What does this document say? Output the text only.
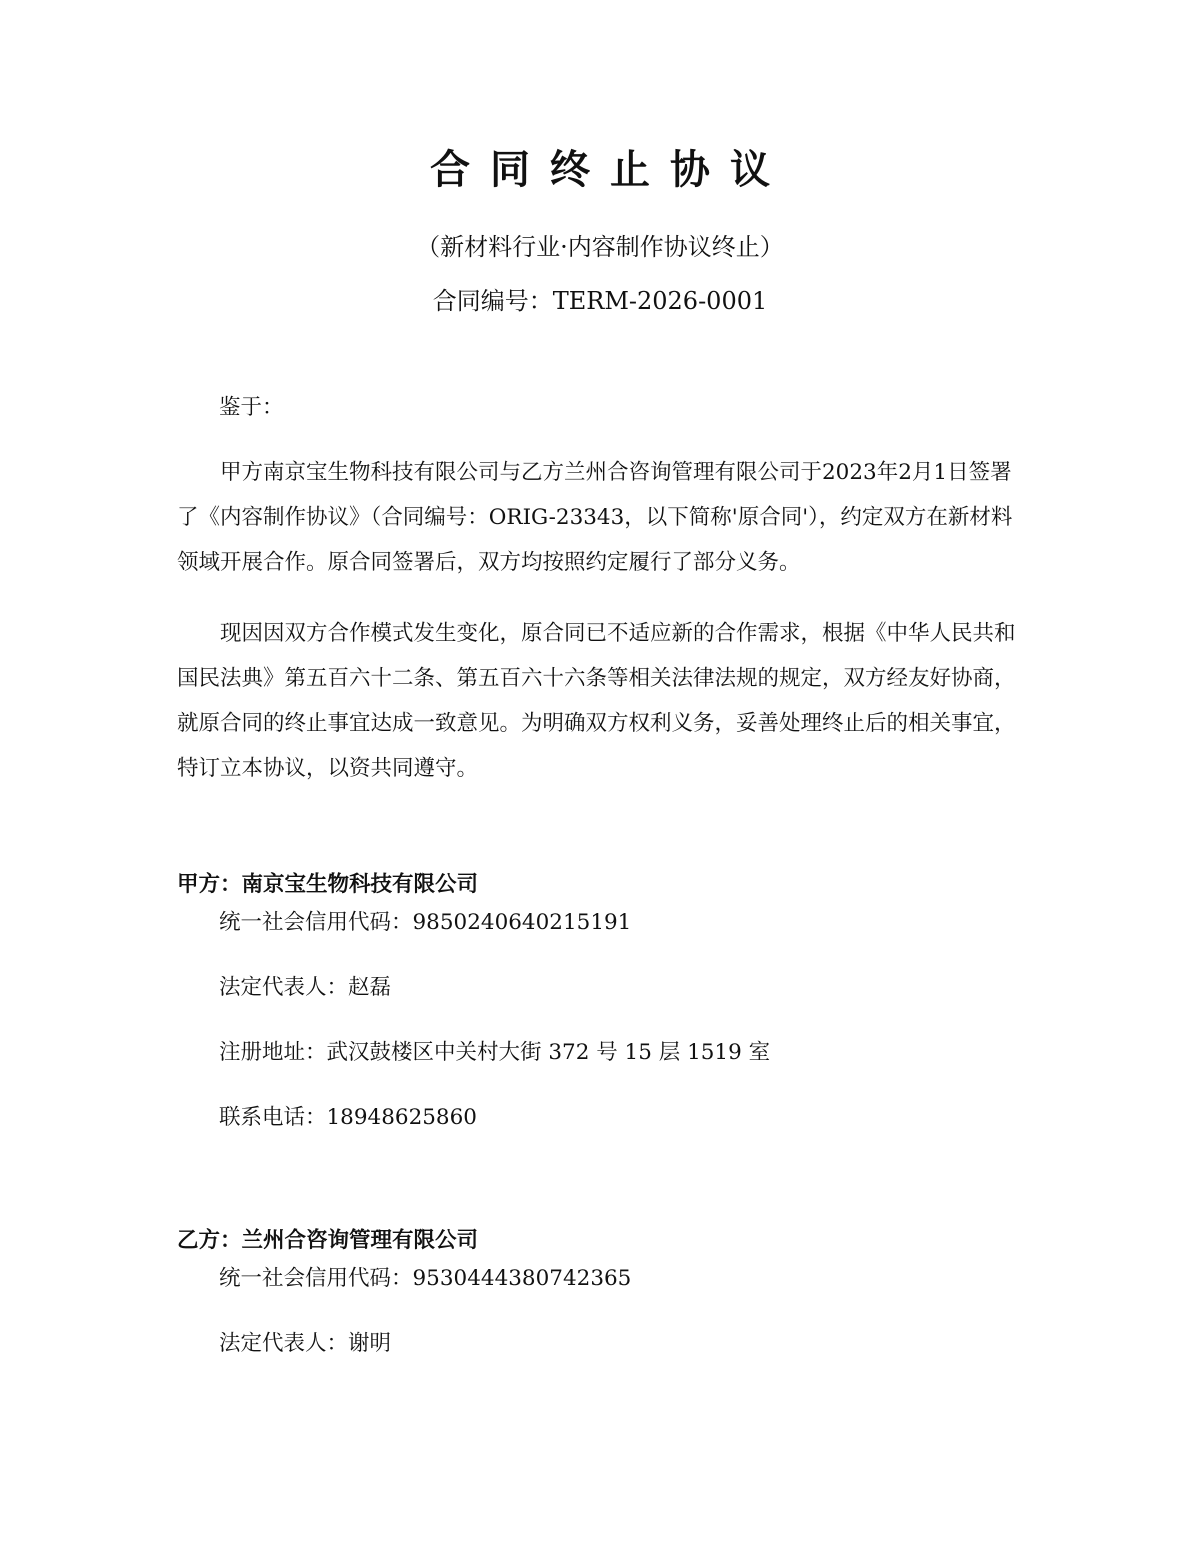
合同终止协议
（新材料行业·内容制作协议终止）
合同编号：TERM-2026-0001
鉴于：
甲方南京宝生物科技有限公司与乙方兰州合咨询管理有限公司于2023年2月1日签署了《内容制作协议》（合同编号：ORIG-23343，以下简称'原合同'），约定双方在新材料领域开展合作。原合同签署后，双方均按照约定履行了部分义务。
现因因双方合作模式发生变化，原合同已不适应新的合作需求，根据《中华人民共和国民法典》第五百六十二条、第五百六十六条等相关法律法规的规定，双方经友好协商，就原合同的终止事宜达成一致意见。为明确双方权利义务，妥善处理终止后的相关事宜，特订立本协议，以资共同遵守。
甲方：南京宝生物科技有限公司
统一社会信用代码：9850240640215191
法定代表人：赵磊
注册地址：武汉鼓楼区中关村大街 372 号 15 层 1519 室
联系电话：18948625860
乙方：兰州合咨询管理有限公司
统一社会信用代码：9530444380742365
法定代表人：谢明
